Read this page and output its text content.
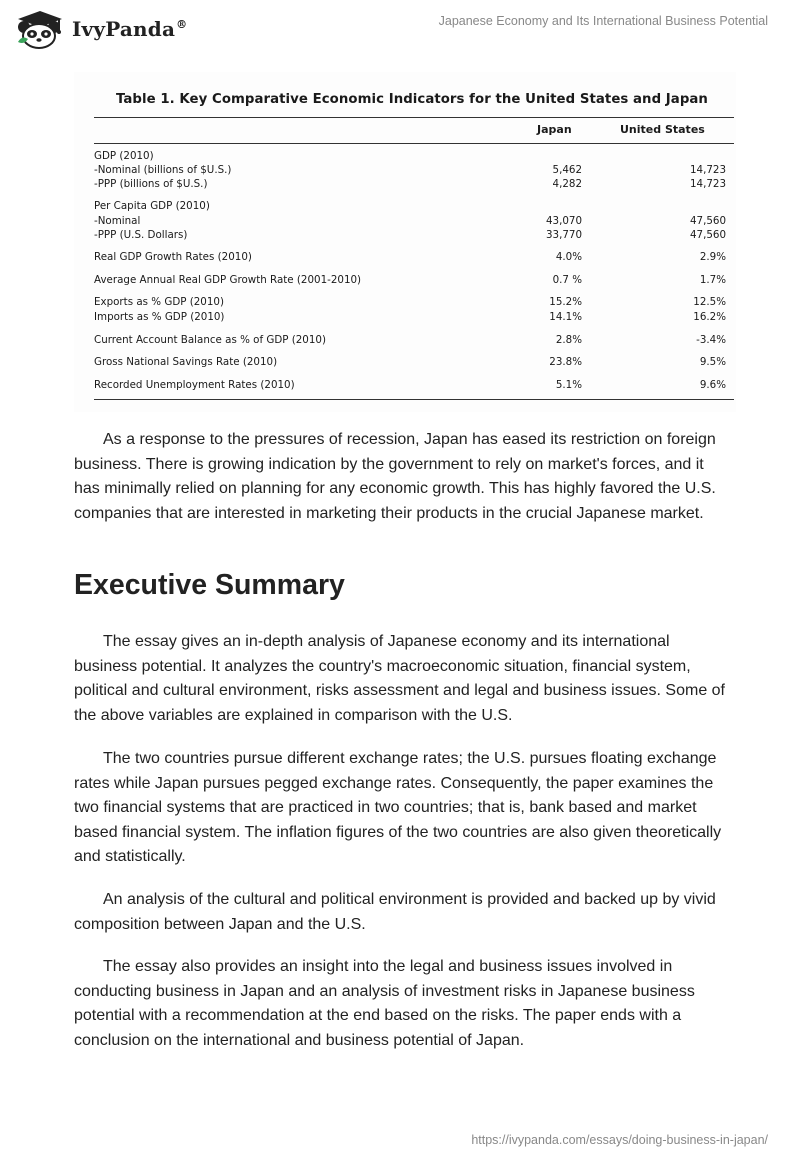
IvyPanda®	Japanese Economy and Its International Business Potential
Table 1. Key Comparative Economic Indicators for the United States and Japan
Japan	United States
GDP (2010)
-Nominal (billions of $U.S.)	5,462	14,723
-PPP (billions of $U.S.)	4,282	14,723
Per Capita GDP (2010)
-Nominal	43,070	47,560
-PPP (U.S. Dollars)	33,770	47,560
Real GDP Growth Rates (2010)	4.0%	2.9%
Average Annual Real GDP Growth Rate (2001-2010)	0.7 %	1.7%
Exports as % GDP (2010)	15.2%	12.5%
Imports as % GDP (2010)	14.1%	16.2%
Current Account Balance as % of GDP (2010)	2.8%	-3.4%
Gross National Savings Rate (2010)	23.8%	9.5%
Recorded Unemployment Rates (2010)	5.1%	9.6%

As a response to the pressures of recession, Japan has eased its restriction on foreign business. There is growing indication by the government to rely on market's forces, and it has minimally relied on planning for any economic growth. This has highly favored the U.S. companies that are interested in marketing their products in the crucial Japanese market.

Executive Summary

The essay gives an in-depth analysis of Japanese economy and its international business potential. It analyzes the country's macroeconomic situation, financial system, political and cultural environment, risks assessment and legal and business issues. Some of the above variables are explained in comparison with the U.S.

The two countries pursue different exchange rates; the U.S. pursues floating exchange rates while Japan pursues pegged exchange rates. Consequently, the paper examines the two financial systems that are practiced in two countries; that is, bank based and market based financial system. The inflation figures of the two countries are also given theoretically and statistically.

An analysis of the cultural and political environment is provided and backed up by vivid composition between Japan and the U.S.

The essay also provides an insight into the legal and business issues involved in conducting business in Japan and an analysis of investment risks in Japanese business potential with a recommendation at the end based on the risks. The paper ends with a conclusion on the international and business potential of Japan.

https://ivypanda.com/essays/doing-business-in-japan/
